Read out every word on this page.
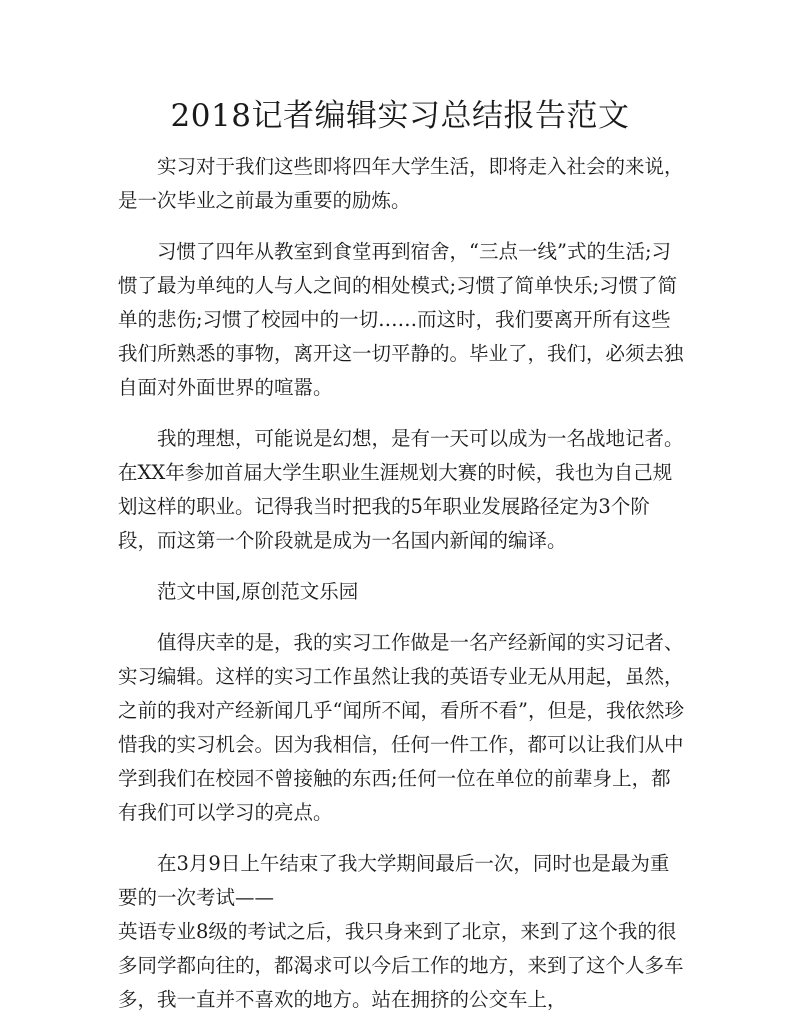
2018记者编辑实习总结报告范文

实习对于我们这些即将四年大学生活，即将走入社会的来说，是一次毕业之前最为重要的励炼。

习惯了四年从教室到食堂再到宿舍，“三点一线”式的生活;习惯了最为单纯的人与人之间的相处模式;习惯了简单快乐;习惯了简单的悲伤;习惯了校园中的一切……而这时，我们要离开所有这些我们所熟悉的事物，离开这一切平静的。毕业了，我们，必须去独自面对外面世界的喧嚣。

我的理想，可能说是幻想，是有一天可以成为一名战地记者。在XX年参加首届大学生职业生涯规划大赛的时候，我也为自己规划这样的职业。记得我当时把我的5年职业发展路径定为3个阶段，而这第一个阶段就是成为一名国内新闻的编译。

范文中国,原创范文乐园

值得庆幸的是，我的实习工作做是一名产经新闻的实习记者、实习编辑。这样的实习工作虽然让我的英语专业无从用起，虽然，之前的我对产经新闻几乎“闻所不闻，看所不看”，但是，我依然珍惜我的实习机会。因为我相信，任何一件工作，都可以让我们从中学到我们在校园不曾接触的东西;任何一位在单位的前辈身上，都有我们可以学习的亮点。

在3月9日上午结束了我大学期间最后一次，同时也是最为重要的一次考试——

英语专业8级的考试之后，我只身来到了北京，来到了这个我的很多同学都向往的，都渴求可以今后工作的地方，来到了这个人多车多，我一直并不喜欢的地方。站在拥挤的公交车上，
